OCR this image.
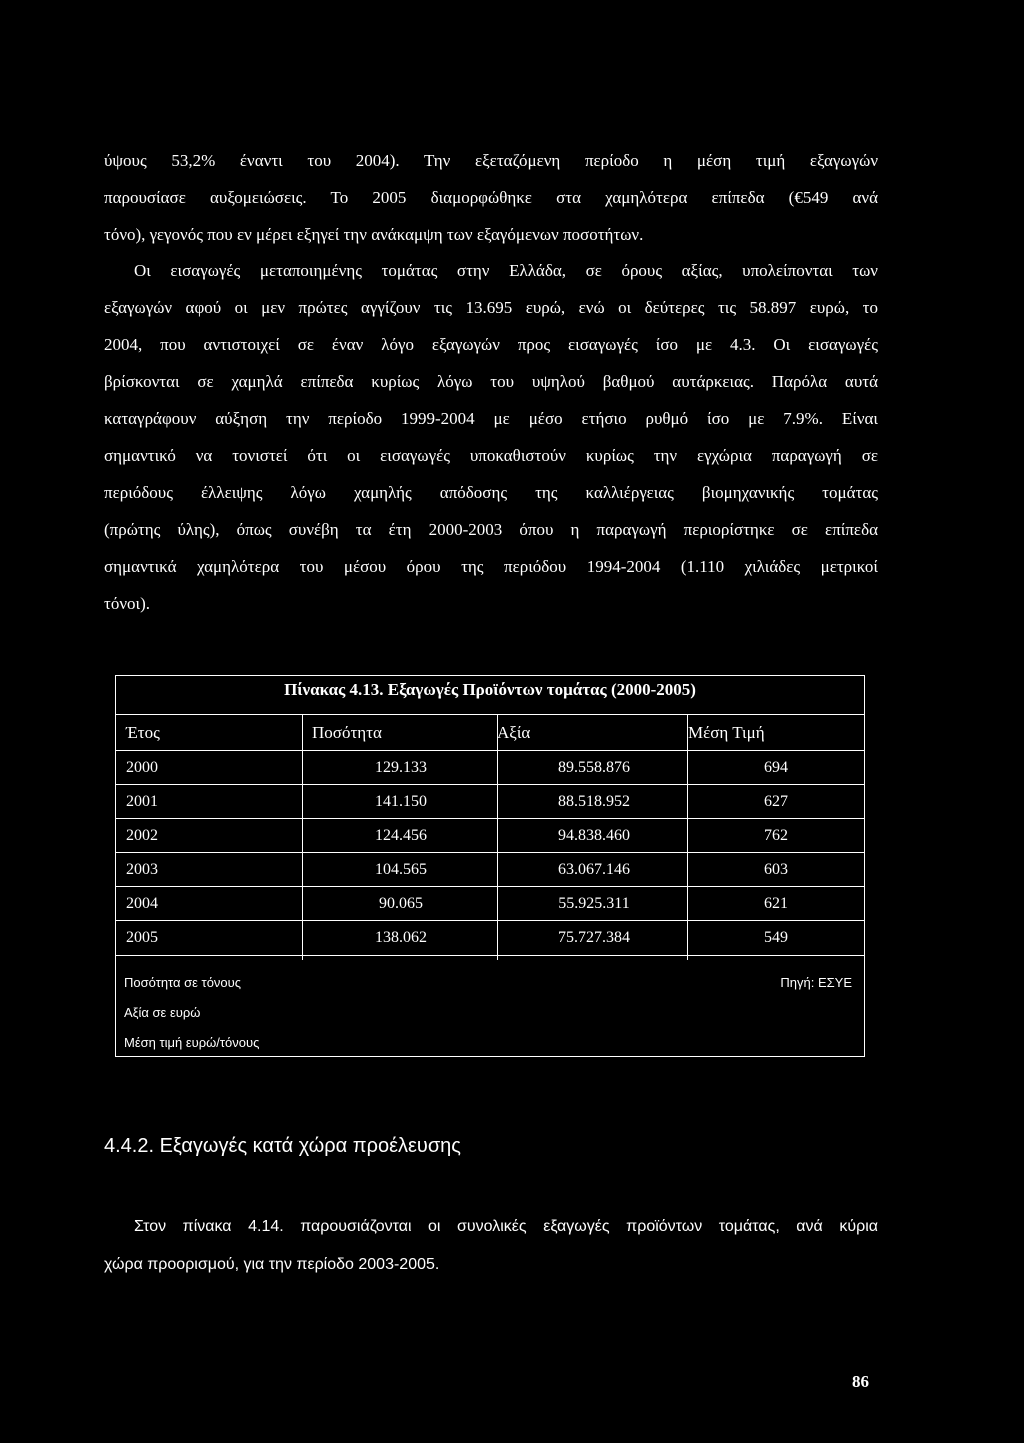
ύψους 53,2% έναντι του 2004). Την εξεταζόμενη περίοδο η μέση τιμή εξαγωγών
παρουσίασε αυξομειώσεις. Το 2005 διαμορφώθηκε στα χαμηλότερα επίπεδα (€549 ανά
τόνο), γεγονός που εν μέρει εξηγεί την ανάκαμψη των εξαγόμενων ποσοτήτων.
Οι εισαγωγές μεταποιημένης τομάτας στην Ελλάδα, σε όρους αξίας, υπολείπονται των
εξαγωγών αφού οι μεν πρώτες αγγίζουν τις 13.695 ευρώ, ενώ οι δεύτερες τις 58.897 ευρώ, το
2004, που αντιστοιχεί σε έναν λόγο εξαγωγών προς εισαγωγές ίσο με 4.3. Οι εισαγωγές
βρίσκονται σε χαμηλά επίπεδα κυρίως λόγω του υψηλού βαθμού αυτάρκειας. Παρόλα αυτά
καταγράφουν αύξηση την περίοδο 1999-2004 με μέσο ετήσιο ρυθμό ίσο με 7.9%. Είναι
σημαντικό να τονιστεί ότι οι εισαγωγές υποκαθιστούν κυρίως την εγχώρια παραγωγή σε
περιόδους έλλειψης λόγω χαμηλής απόδοσης της καλλιέργειας βιομηχανικής τομάτας
(πρώτης ύλης), όπως συνέβη τα έτη 2000-2003 όπου η παραγωγή περιορίστηκε σε επίπεδα
σημαντικά χαμηλότερα του μέσου όρου της περιόδου 1994-2004 (1.110 χιλιάδες μετρικοί
τόνοι).
Πίνακας 4.13. Εξαγωγές Προϊόντων τομάτας (2000-2005)
Έτος	Ποσότητα	Αξία	Μέση Τιμή
2000	129.133	89.558.876	694
2001	141.150	88.518.952	627
2002	124.456	94.838.460	762
2003	104.565	63.067.146	603
2004	90.065	55.925.311	621
2005	138.062	75.727.384	549
Ποσότητα σε τόνους
Αξία σε ευρώ
Μέση τιμή ευρώ/τόνους
Πηγή: ΕΣΥΕ
4.4.2. Εξαγωγές κατά χώρα προέλευσης
Στον πίνακα 4.14. παρουσιάζονται οι συνολικές εξαγωγές προϊόντων τομάτας, ανά κύρια
χώρα προορισμού, για την περίοδο 2003-2005.
86
